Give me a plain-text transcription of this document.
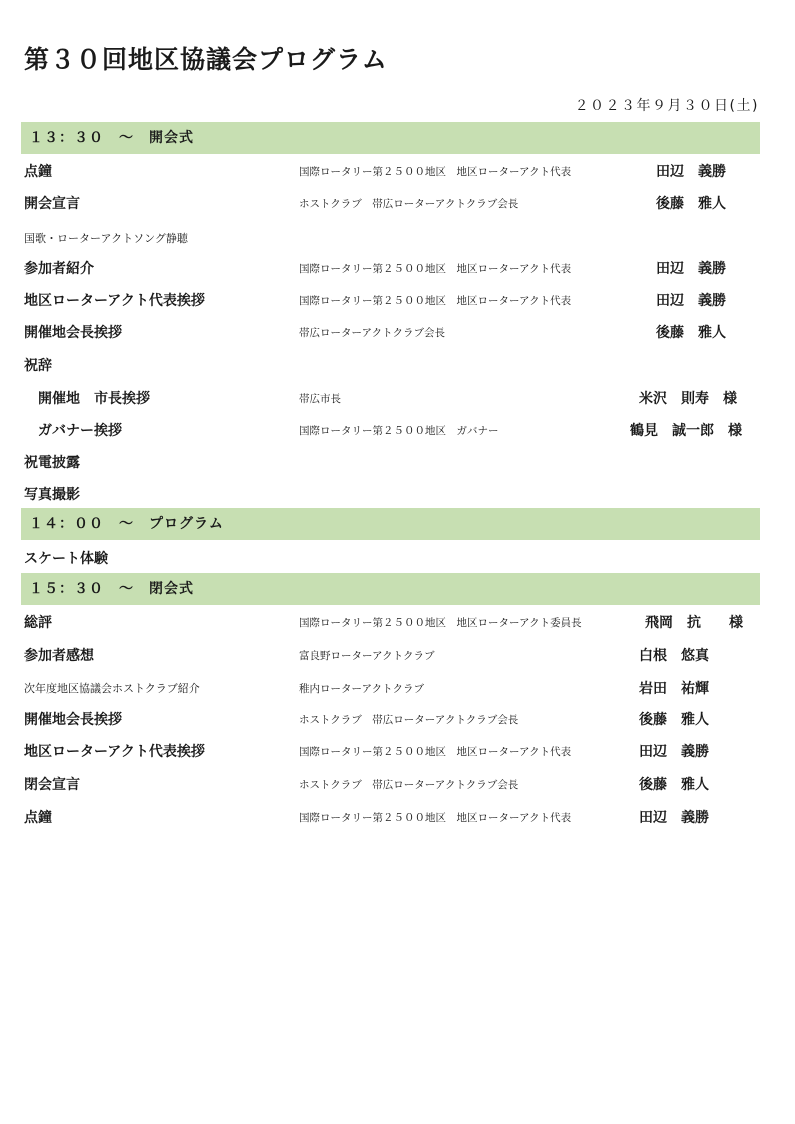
第３０回地区協議会プログラム
２０２３年９月３０日(土)
１３：３０　～　開会式
点鐘	国際ロータリー第２５００地区　地区ローターアクト代表	田辺　義勝
開会宣言	ホストクラブ　帯広ローターアクトクラブ会長	後藤　雅人
国歌・ローターアクトソング静聴
参加者紹介	国際ロータリー第２５００地区　地区ローターアクト代表	田辺　義勝
地区ローターアクト代表挨拶	国際ロータリー第２５００地区　地区ローターアクト代表	田辺　義勝
開催地会長挨拶	帯広ローターアクトクラブ会長	後藤　雅人
祝辞
開催地　市長挨拶	帯広市長	米沢　則寿　様
ガバナー挨拶	国際ロータリー第２５００地区　ガバナー	鶴見　誠一郎　様
祝電披露
写真撮影
１４：００　～　プログラム
スケート体験
１５：３０　～　閉会式
総評	国際ロータリー第２５００地区　地区ローターアクト委員長	飛岡　抗　　様
参加者感想	富良野ローターアクトクラブ	白根　悠真
次年度地区協議会ホストクラブ紹介	稚内ローターアクトクラブ	岩田　祐輝
開催地会長挨拶	ホストクラブ　帯広ローターアクトクラブ会長	後藤　雅人
地区ローターアクト代表挨拶	国際ロータリー第２５００地区　地区ローターアクト代表	田辺　義勝
閉会宣言	ホストクラブ　帯広ローターアクトクラブ会長	後藤　雅人
点鐘	国際ロータリー第２５００地区　地区ローターアクト代表	田辺　義勝
